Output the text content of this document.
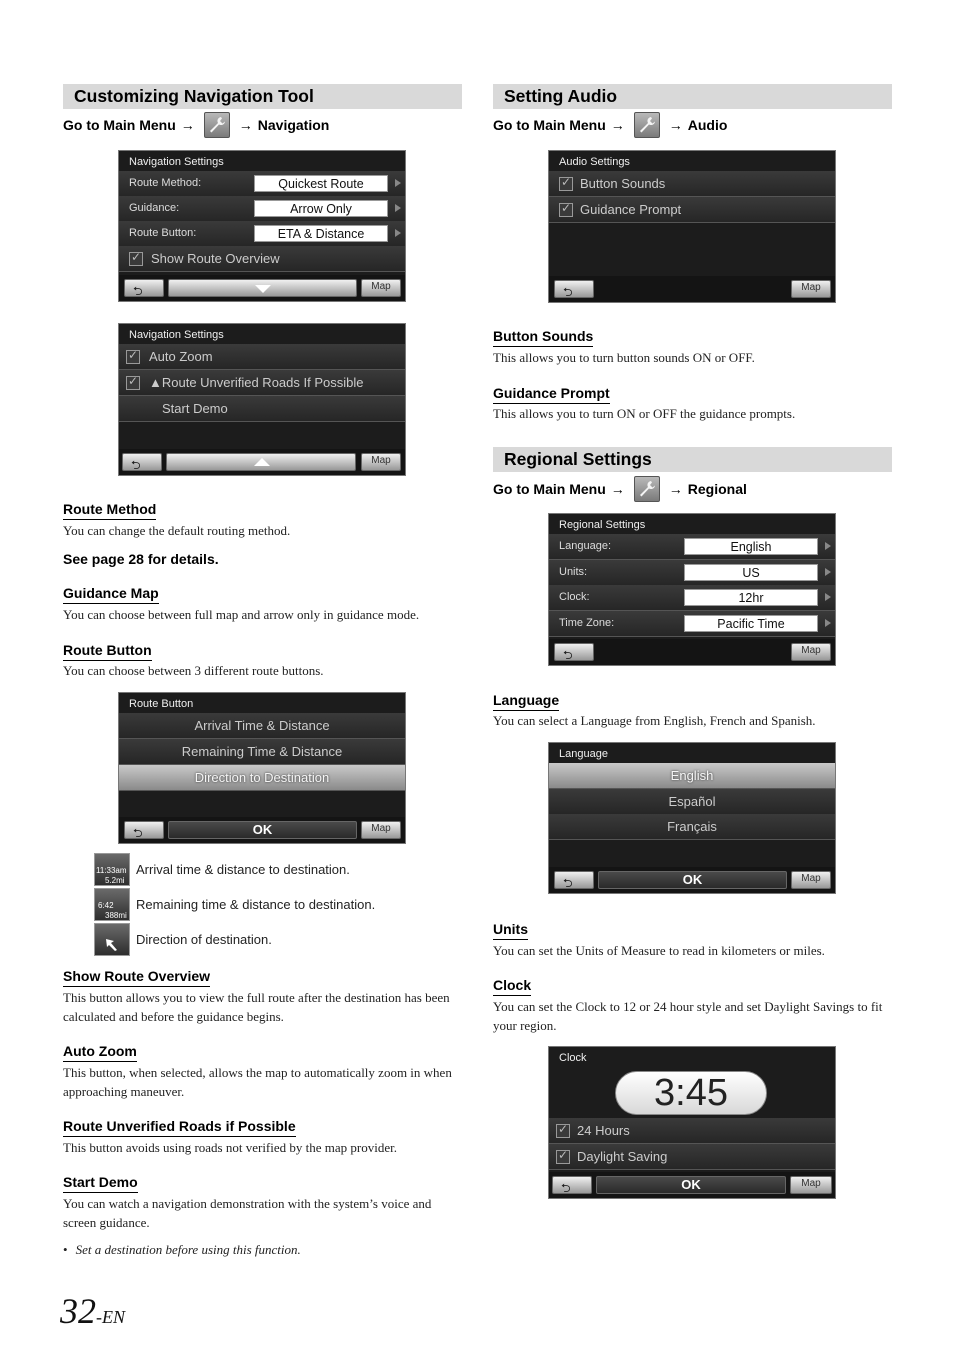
Customizing Navigation Tool
Go to Main Menu →	→ Navigation
Navigation Settings
Route Method:	Quickest Route
Guidance:	Arrow Only
Route Button:	ETA & Distance
✓
Show Route Overview
⮌	Map
Navigation Settings
✓
Auto Zoom
✓
▲Route Unverified Roads If Possible
Start Demo
⮌	Map
Route Method
You can change the default routing method.
See page 28 for details.
Guidance Map
You can choose between full map and arrow only in guidance mode.
Route Button
You can choose between 3 different route buttons.
Route Button
Arrival Time & Distance
Remaining Time & Distance
Direction to Destination
⮌	OK	Map
11:33am
5.2mi
Arrival time & distance to destination.
6:42
388mi
Remaining time & distance to destination.
Direction of destination.
Show Route Overview
This button allows you to view the full route after the destination has been calculated and before the guidance begins.
Auto Zoom
This button, when selected, allows the map to automatically zoom in when approaching maneuver.
Route Unverified Roads if Possible
This button avoids using roads not verified by the map provider.
Start Demo
You can watch a navigation demonstration with the system’s voice and screen guidance.
• Set a destination before using this function.
Setting Audio
Go to Main Menu →	→ Audio
Audio Settings
✓
Button Sounds
✓
Guidance Prompt
⮌	Map
Button Sounds
This allows you to turn button sounds ON or OFF.
Guidance Prompt
This allows you to turn ON or OFF the guidance prompts.
Regional Settings
Go to Main Menu →	→ Regional
Regional Settings
Language:	English
Units:	US
Clock:	12hr
Time Zone:	Pacific Time
⮌	Map
Language
You can select a Language from English, French and Spanish.
Language
English
Español
Français
⮌	OK	Map
Units
You can set the Units of Measure to read in kilometers or miles.
Clock
You can set the Clock to 12 or 24 hour style and set Daylight Savings to fit your region.
Clock
3:45
✓
24 Hours
✓
Daylight Saving
⮌	OK	Map
32-EN
